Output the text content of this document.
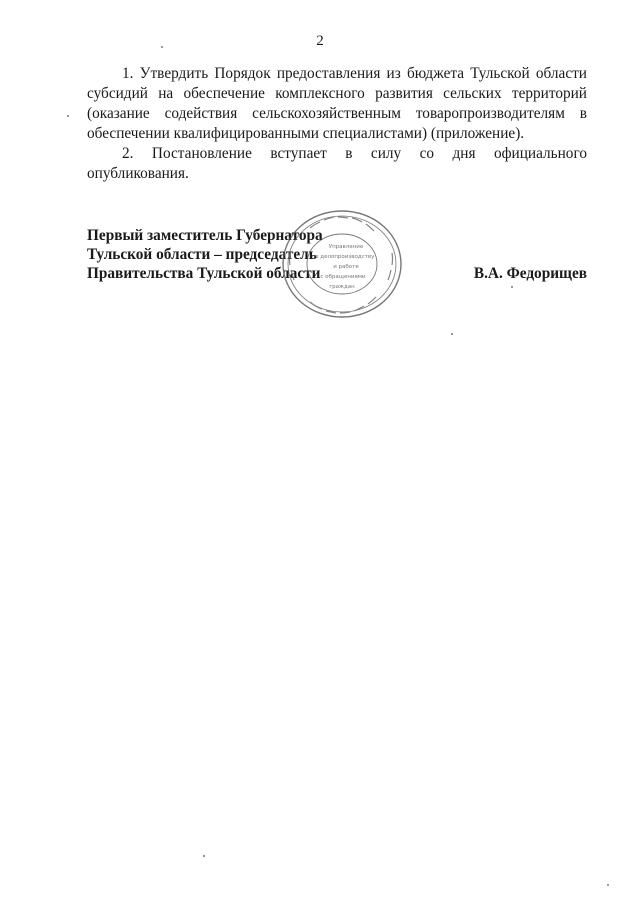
2

1. Утвердить Порядок предоставления из бюджета Тульской области субсидий на обеспечение комплексного развития сельских территорий (оказание содействия сельскохозяйственным товаропроизводителям в обеспечении квалифицированными специалистами) (приложение).

2. Постановление вступает в силу со дня официального опубликования.

Первый заместитель Губернатора
Тульской области – председатель
Правительства Тульской области	В.А. Федорищев
Управление
по делопроизводству
и работе
с обращениями
граждан
